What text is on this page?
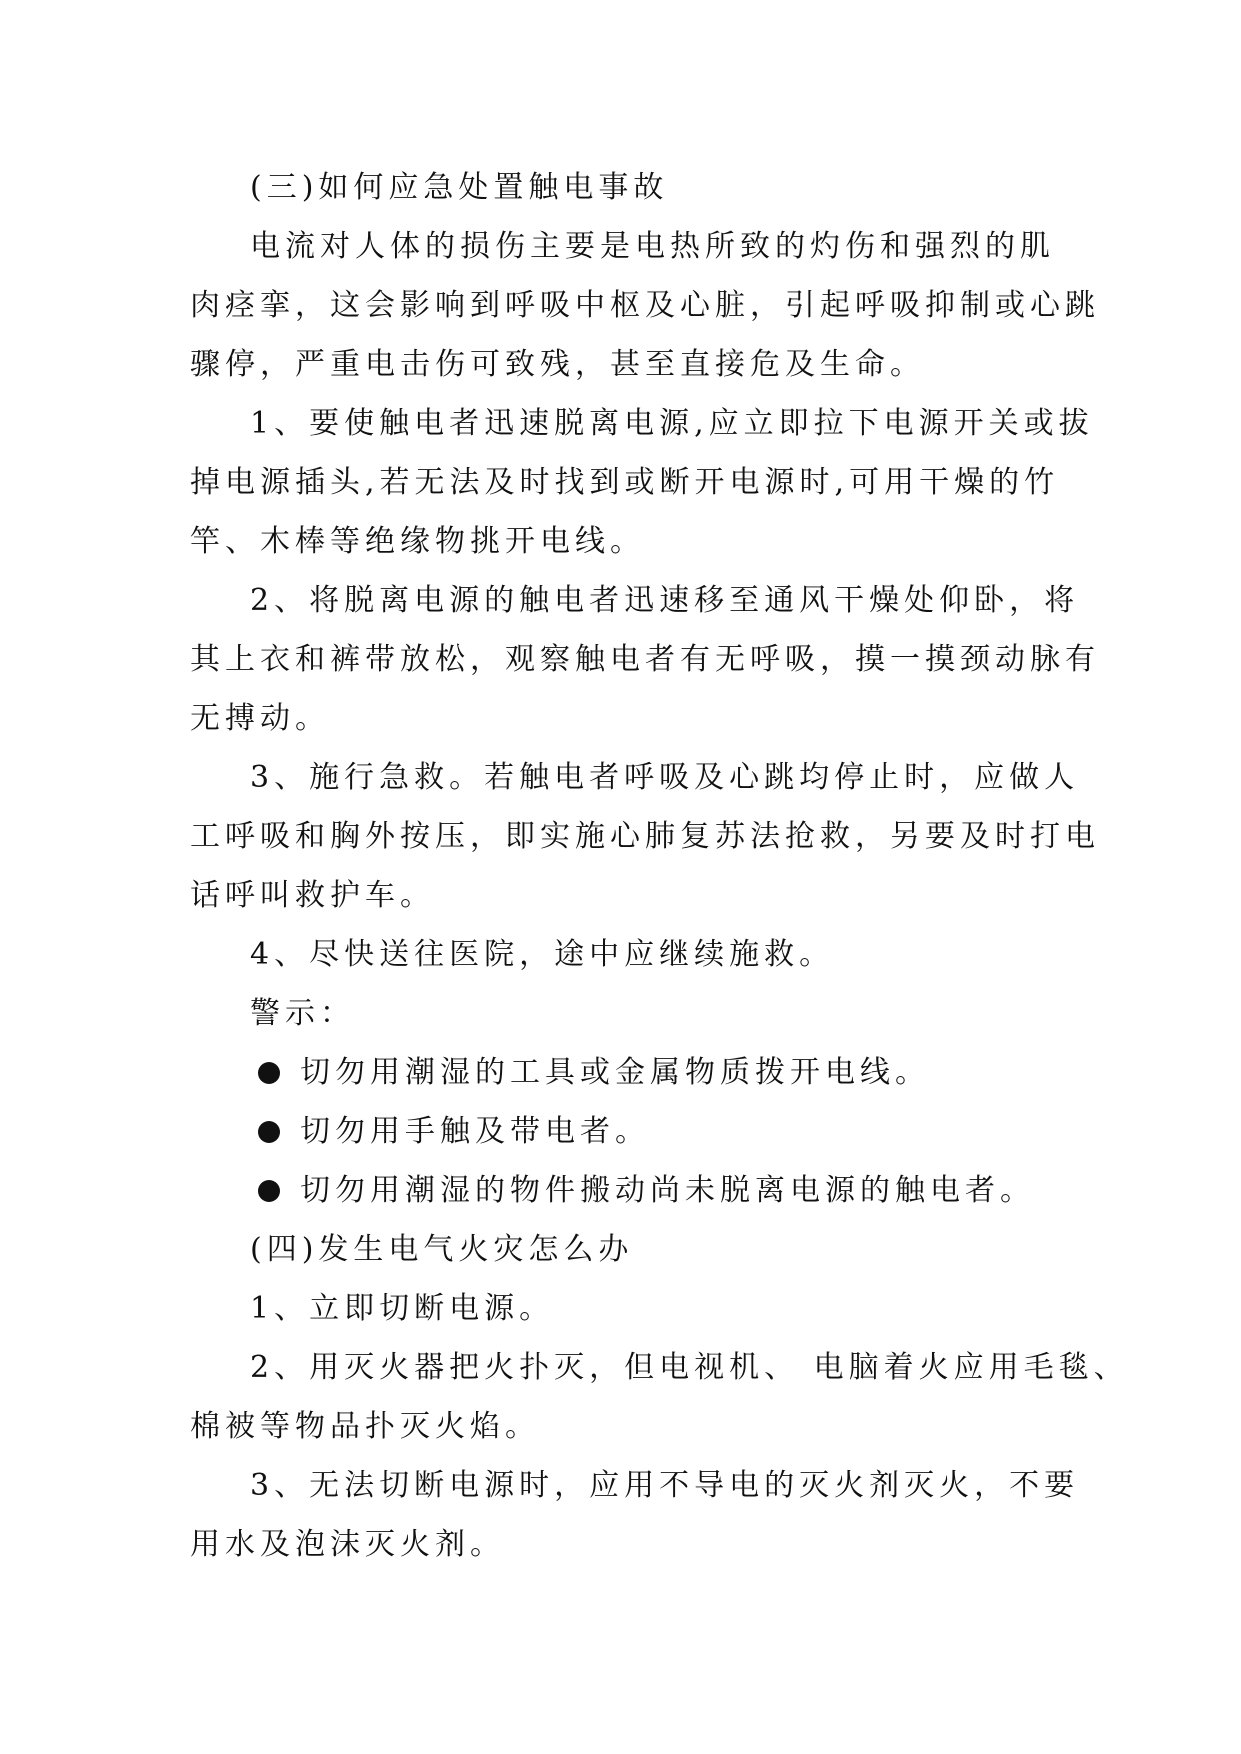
(三)如何应急处置触电事故
电流对人体的损伤主要是电热所致的灼伤和强烈的肌
肉痉挛，这会影响到呼吸中枢及心脏，引起呼吸抑制或心跳
骤停，严重电击伤可致残，甚至直接危及生命。
1、要使触电者迅速脱离电源,应立即拉下电源开关或拔
掉电源插头,若无法及时找到或断开电源时,可用干燥的竹
竿、木棒等绝缘物挑开电线。
2、将脱离电源的触电者迅速移至通风干燥处仰卧，将
其上衣和裤带放松，观察触电者有无呼吸，摸一摸颈动脉有
无搏动。
3、施行急救。若触电者呼吸及心跳均停止时，应做人
工呼吸和胸外按压，即实施心肺复苏法抢救，另要及时打电
话呼叫救护车。
4、尽快送往医院，途中应继续施救。
警示：
切勿用潮湿的工具或金属物质拨开电线。
切勿用手触及带电者。
切勿用潮湿的物件搬动尚未脱离电源的触电者。
(四)发生电气火灾怎么办
1、立即切断电源。
2、用灭火器把火扑灭，但电视机、 电脑着火应用毛毯、
棉被等物品扑灭火焰。
3、无法切断电源时，应用不导电的灭火剂灭火，不要
用水及泡沫灭火剂。
